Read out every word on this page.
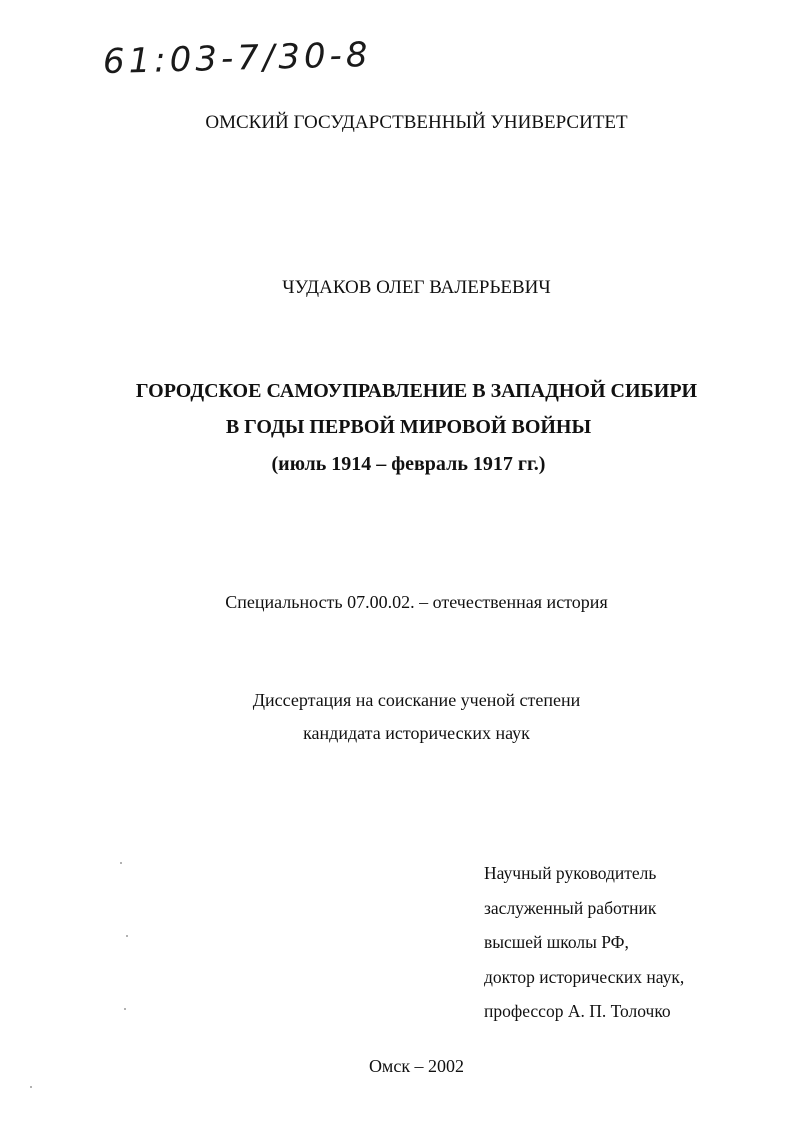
61:03-7/30-8
ОМСКИЙ ГОСУДАРСТВЕННЫЙ УНИВЕРСИТЕТ
ЧУДАКОВ ОЛЕГ ВАЛЕРЬЕВИЧ
ГОРОДСКОЕ САМОУПРАВЛЕНИЕ В ЗАПАДНОЙ СИБИРИ
В ГОДЫ ПЕРВОЙ МИРОВОЙ ВОЙНЫ
(июль 1914 – февраль 1917 гг.)
Специальность 07.00.02. – отечественная история
Диссертация на соискание ученой степени
кандидата исторических наук
Научный руководитель
заслуженный работник
высшей школы РФ,
доктор исторических наук,
профессор А. П. Толочко
Омск – 2002
